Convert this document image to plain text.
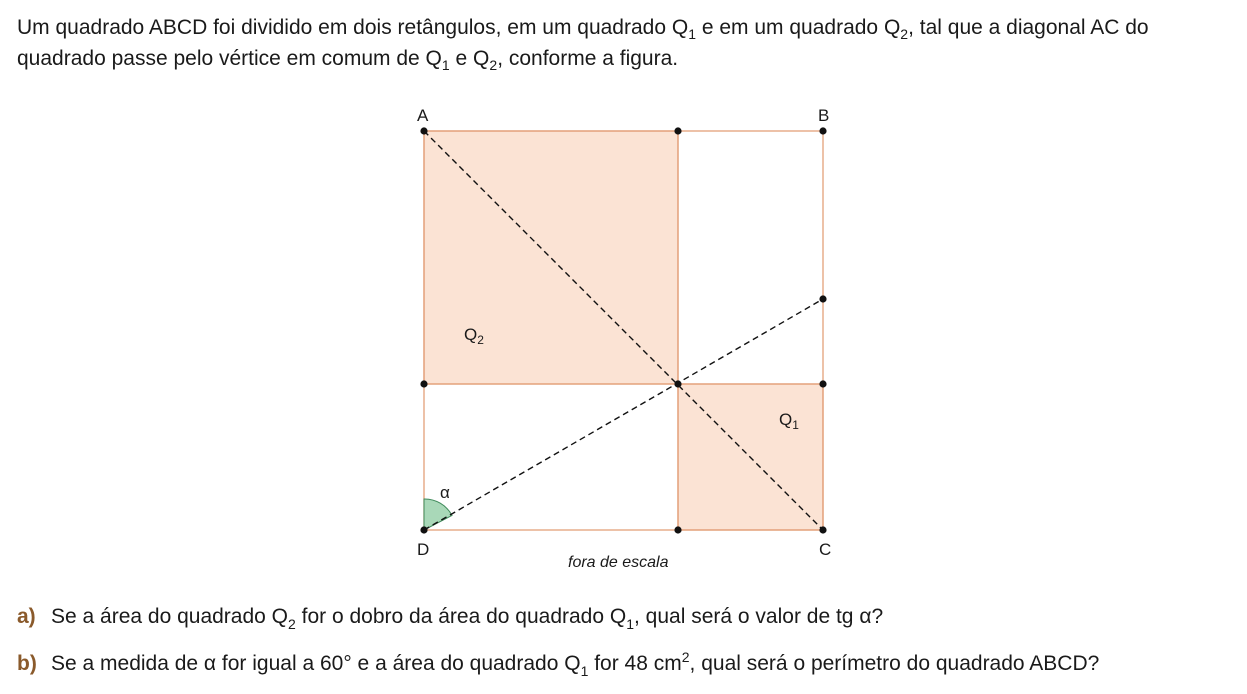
Um quadrado ABCD foi dividido em dois retângulos, em um quadrado $Q_1$ e em um quadrado $Q_2$, tal que a diagonal AC do quadrado passe pelo vértice em comum de $Q_1$ e $Q_2$, conforme a figura.

A	B
C
D
$Q_2$
$Q_1$
α
fora de escala

a) Se a área do quadrado $Q_2$ for o dobro da área do quadrado $Q_1$, qual será o valor de tg α?

b) Se a medida de α for igual a 60° e a área do quadrado $Q_1$ for 48 $cm^2$, qual será o perímetro do quadrado ABCD?
